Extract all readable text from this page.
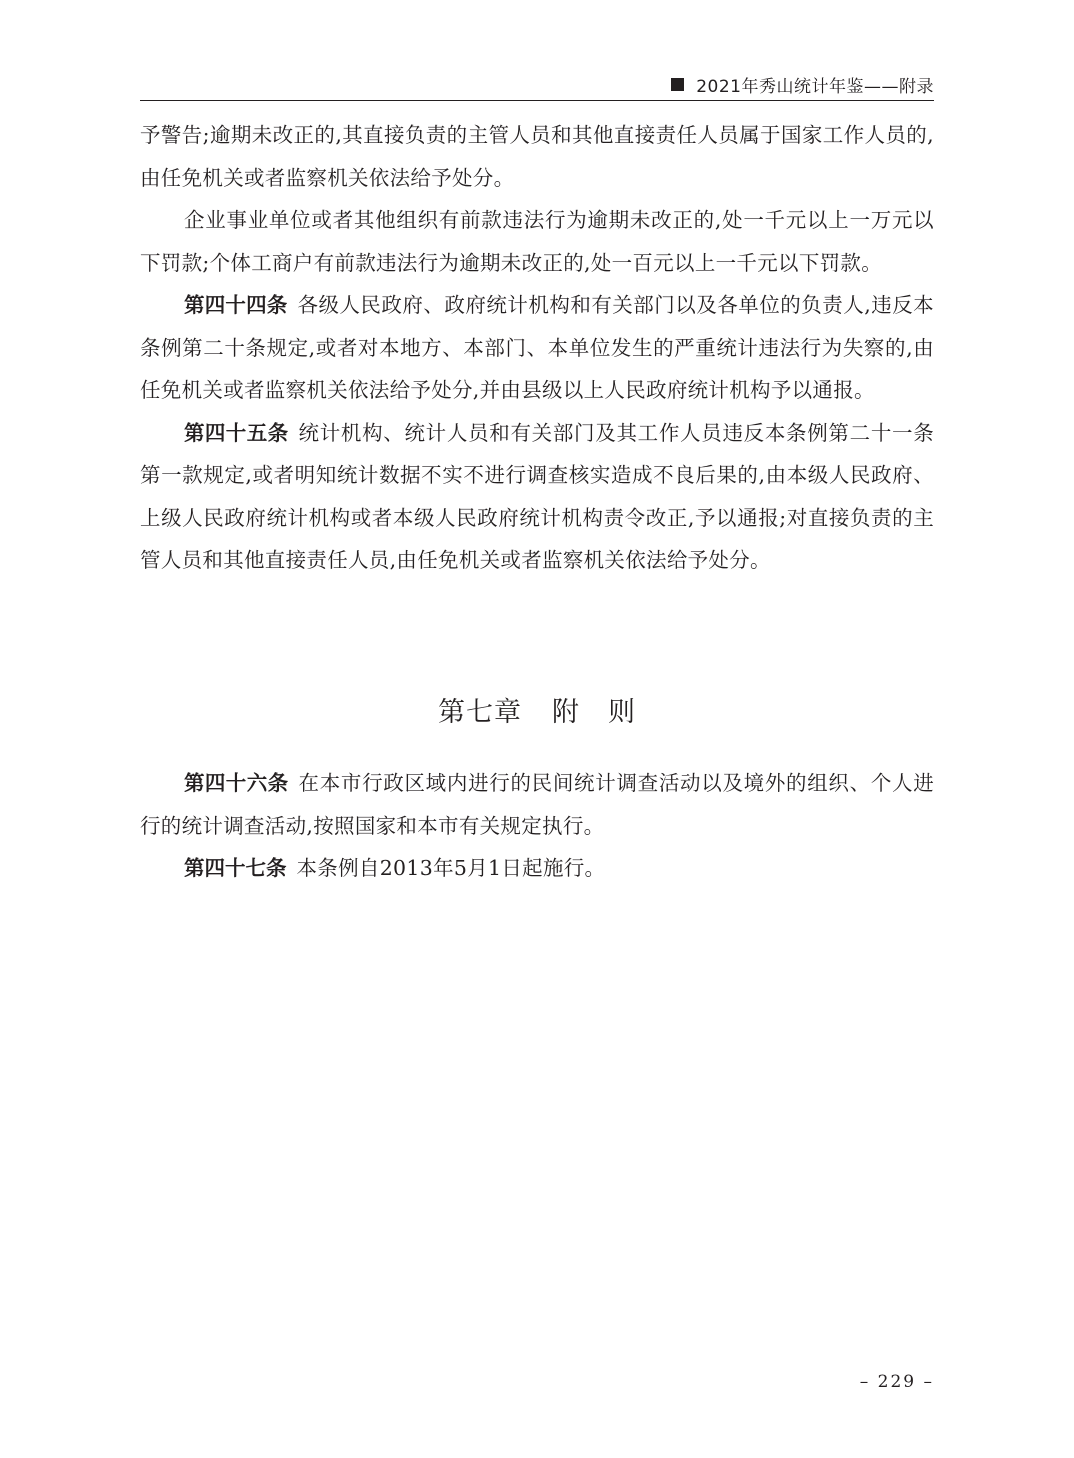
2021年秀山统计年鉴——附录

予警告;逾期未改正的,其直接负责的主管人员和其他直接责任人员属于国家工作人员的,由任免机关或者监察机关依法给予处分。

企业事业单位或者其他组织有前款违法行为逾期未改正的,处一千元以上一万元以下罚款;个体工商户有前款违法行为逾期未改正的,处一百元以上一千元以下罚款。

第四十四条 各级人民政府、政府统计机构和有关部门以及各单位的负责人,违反本条例第二十条规定,或者对本地方、本部门、本单位发生的严重统计违法行为失察的,由任免机关或者监察机关依法给予处分,并由县级以上人民政府统计机构予以通报。

第四十五条 统计机构、统计人员和有关部门及其工作人员违反本条例第二十一条第一款规定,或者明知统计数据不实不进行调查核实造成不良后果的,由本级人民政府、上级人民政府统计机构或者本级人民政府统计机构责令改正,予以通报;对直接负责的主管人员和其他直接责任人员,由任免机关或者监察机关依法给予处分。

第七章 附　则

第四十六条 在本市行政区域内进行的民间统计调查活动以及境外的组织、个人进行的统计调查活动,按照国家和本市有关规定执行。

第四十七条 本条例自2013年5月1日起施行。

– 229 –
